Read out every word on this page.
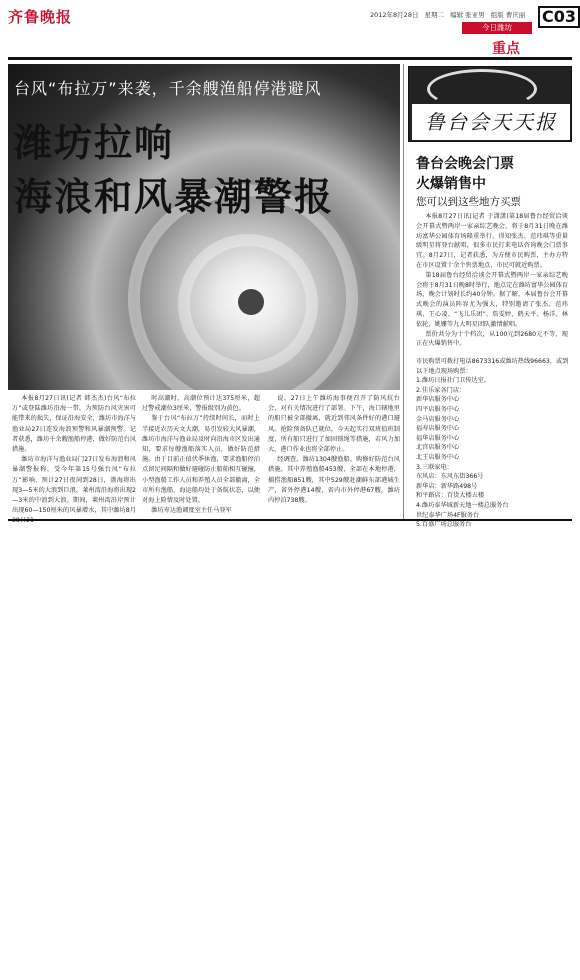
齐鲁晚报	2012年8月28日 星期二 编辑 张亚男 组版 曹庆丽 C03
今日潍坊
重点
台风“布拉万”来袭，千余艘渔船停港避风
潍坊拉响
海浪和风暴潮警报

本报8月27日讯(记者 韩杰杰)台风“布拉万”或登陆潍坊沿海一带，为预防台风灾害可能带来的损失，保证沿海安全，潍坊市海洋与渔业局27日连发海浪预警和风暴潮预警。记者获悉，潍坊千余艘渔船停港，做好防范台风措施。

潍坊市海洋与渔业局门27日发布海浪和风暴潮警报称，受今年第15号强台风“布拉万”影响，预计27日夜间到28日，渤海将出现3—5米的大浪到巨浪，莱州湾沿海将出现2—3米的中浪到大浪。期间，莱州湾沿岸预计出现60—150厘米的风暴增水，其中潍坊8月

时高潮时，高潮位预计达375厘米，超过警戒潮位3厘米，警报级别为黄色。

鉴于台风“布拉万”持续时间长，而时上半接近农历天文大潮，易引发较大风暴潮，潍坊市海洋与渔业局及时向沿海市区发出通知，要求每艘渔船落实人员，做好防范措施。由于目前正值伏季休渔，要求渔船停泊点留足间隔和做好避碰防止船舶相互碰撞，小型渔船工作人员和养殖人员全部撤离，全市所有渔船、海运船均处于备航状态，以便对海上险情及时处置。

潍坊寿达渔调度室主任马登军

说，27日上午潍坊海事便召开了防风抗台会，对有关情况进行了部署。下午，海口辖地里的船只被全部撤离，就近到邻风条件好的港口避风。抢险预备队已就位，今天起实行双班值班制度，所有船只进行了加固锁绳等措施，若风力加大，港口作业也将全部停止。

经调查，潍坊1304艘渔船、购修好防范台风措施。其中养殖渔船453艘，全部在本地停港，捕捞渔船851艘，其中529艘赶潮鲜东部港城生产，省外停港14艘，省内市外停港67艘，潍坊内停泊738艘。

鲁台会天天报
鲁台会晚会门票
火爆销售中
您可以到这些地方买票

本报8月27日讯(记者 于潇潇)第18届鲁台经贸洽谈会开幕式暨两岸一家亲综艺晚会，将于8月31日晚在潍坊富华公园体育场隆重举行，得知张杰、范玮琪等重量级明星将登台献唱，很多市民打来电话咨询晚会门票事宜。8月27日，记者获悉，为方便市民购票，主办方特在市区设置十余个售票地点，市民可就近购票。

第18届鲁台经贸洽谈会开幕式暨两岸一家亲综艺晚会将于8月31日晚8时举行，地点定在潍坊富华公园体育场，晚会计划时长约40分钟。据了解，本届鲁台会开幕式晚会的演员阵容尤为强大，特别邀请了张杰、范玮琪、王心凌、“飞儿乐团”、詹雯婷、鹤天平、杨洋、林依轮、姚姗等九大明星团队激情献唱。

票价共分为十个档次，从100元到2680元不等，现正在火爆销售中。

市民购票可拨打电话8673316或潍坊热线96663，或到以下地点现场购票：
1.潍坊日报社门卫传达室。
2.佳乐家各门店：
新华店服务中心
四平店服务中心
金马店服务中心
福寿店服务中心
福华店服务中心
北宫店服务中心
北王店服务中心
3.三联家电：
东风店：东风东街366号
新华店：新华路498号
和平路店：百货大楼五楼
4.潍坊泰华城新天地一楼总服务台
世纪泰华广场4F服务台
5.百盛广场总服务台
